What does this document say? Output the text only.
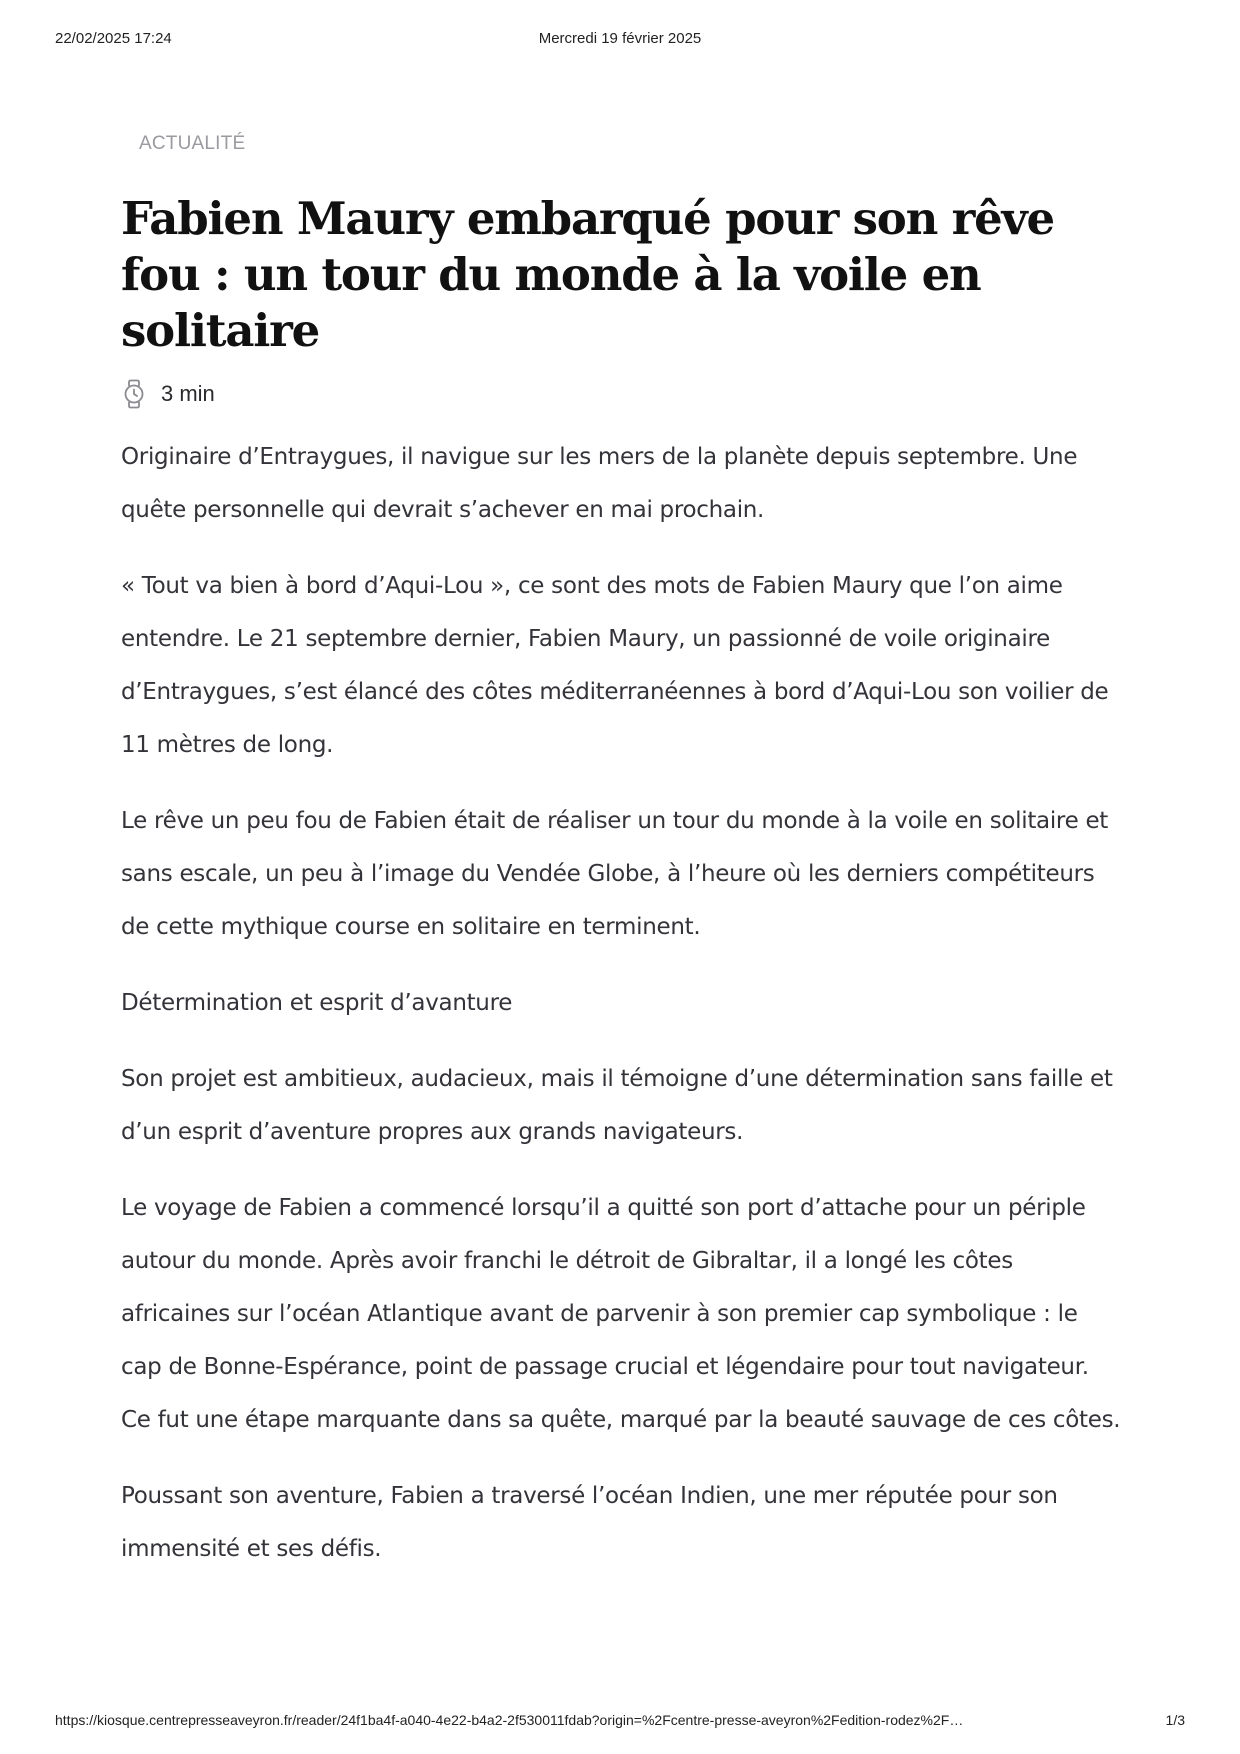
22/02/2025 17:24	Mercredi 19 février 2025
ACTUALITÉ
Fabien Maury embarqué pour son rêve fou : un tour du monde à la voile en solitaire
3 min

Originaire d’Entraygues, il navigue sur les mers de la planète depuis septembre. Une quête personnelle qui devrait s’achever en mai prochain.

« Tout va bien à bord d’Aqui-Lou », ce sont des mots de Fabien Maury que l’on aime entendre. Le 21 septembre dernier, Fabien Maury, un passionné de voile originaire d’Entraygues, s’est élancé des côtes méditerranéennes à bord d’Aqui-Lou son voilier de 11 mètres de long.

Le rêve un peu fou de Fabien était de réaliser un tour du monde à la voile en solitaire et sans escale, un peu à l’image du Vendée Globe, à l’heure où les derniers compétiteurs de cette mythique course en solitaire en terminent.

Détermination et esprit d’avanture

Son projet est ambitieux, audacieux, mais il témoigne d’une détermination sans faille et d’un esprit d’aventure propres aux grands navigateurs.

Le voyage de Fabien a commencé lorsqu’il a quitté son port d’attache pour un périple autour du monde. Après avoir franchi le détroit de Gibraltar, il a longé les côtes africaines sur l’océan Atlantique avant de parvenir à son premier cap symbolique : le cap de Bonne-Espérance, point de passage crucial et légendaire pour tout navigateur. Ce fut une étape marquante dans sa quête, marqué par la beauté sauvage de ces côtes.

Poussant son aventure, Fabien a traversé l’océan Indien, une mer réputée pour son immensité et ses défis.

https://kiosque.centrepresseaveyron.fr/reader/24f1ba4f-a040-4e22-b4a2-2f530011fdab?origin=%2Fcentre-presse-aveyron%2Fedition-rodez%2F…	1/3
